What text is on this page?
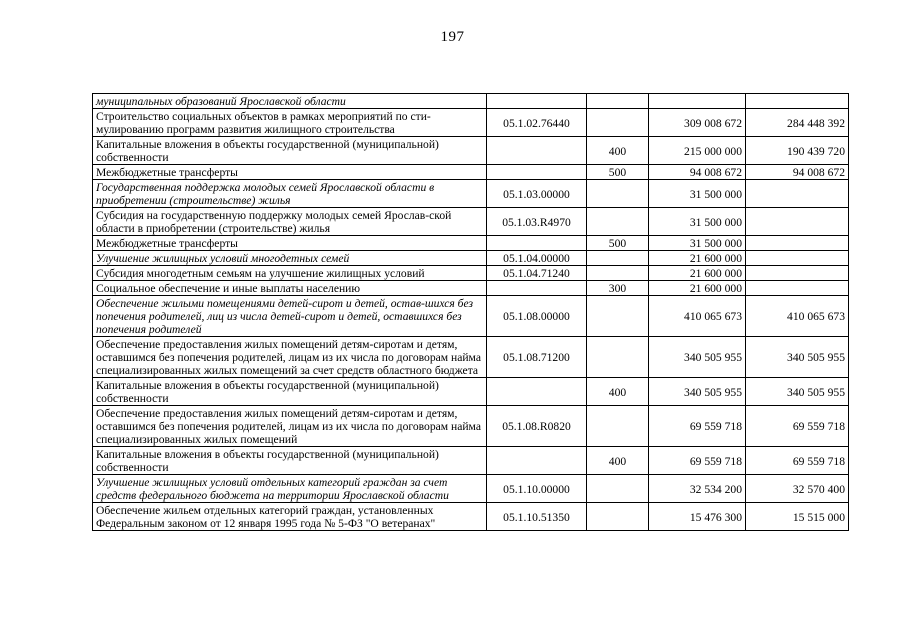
197
муниципальных образований Ярославской области				
Строительство социальных объектов в рамках мероприятий по сти-мулированию программ развития жилищного строительства	05.1.02.76440		309 008 672	284 448 392
Капитальные вложения в объекты государственной (муниципальной) собственности		400	215 000 000	190 439 720
Межбюджетные трансферты		500	94 008 672	94 008 672
Государственная поддержка молодых семей Ярославской области в приобретении (строительстве) жилья	05.1.03.00000		31 500 000	
Субсидия на государственную поддержку молодых семей Ярослав-ской области в приобретении (строительстве) жилья	05.1.03.R4970		31 500 000	
Межбюджетные трансферты		500	31 500 000	
Улучшение жилищных условий многодетных семей	05.1.04.00000		21 600 000	
Субсидия многодетным семьям на улучшение жилищных условий	05.1.04.71240		21 600 000	
Социальное обеспечение и иные выплаты населению		300	21 600 000	
Обеспечение жилыми помещениями детей-сирот и детей, остав-шихся без попечения родителей, лиц из числа детей-сирот и детей, оставшихся без попечения родителей	05.1.08.00000		410 065 673	410 065 673
Обеспечение предоставления жилых помещений детям-сиротам и детям, оставшимся без попечения родителей, лицам из их числа по договорам найма специализированных жилых помещений за счет средств областного бюджета	05.1.08.71200		340 505 955	340 505 955
Капитальные вложения в объекты государственной (муниципальной) собственности		400	340 505 955	340 505 955
Обеспечение предоставления жилых помещений детям-сиротам и детям, оставшимся без попечения родителей, лицам из их числа по договорам найма специализированных жилых помещений	05.1.08.R0820		69 559 718	69 559 718
Капитальные вложения в объекты государственной (муниципальной) собственности		400	69 559 718	69 559 718
Улучшение жилищных условий отдельных категорий граждан за счет средств федерального бюджета на территории Ярославской области	05.1.10.00000		32 534 200	32 570 400
Обеспечение жильем отдельных категорий граждан, установленных Федеральным законом от 12 января 1995 года № 5-ФЗ "О ветеранах"	05.1.10.51350		15 476 300	15 515 000
